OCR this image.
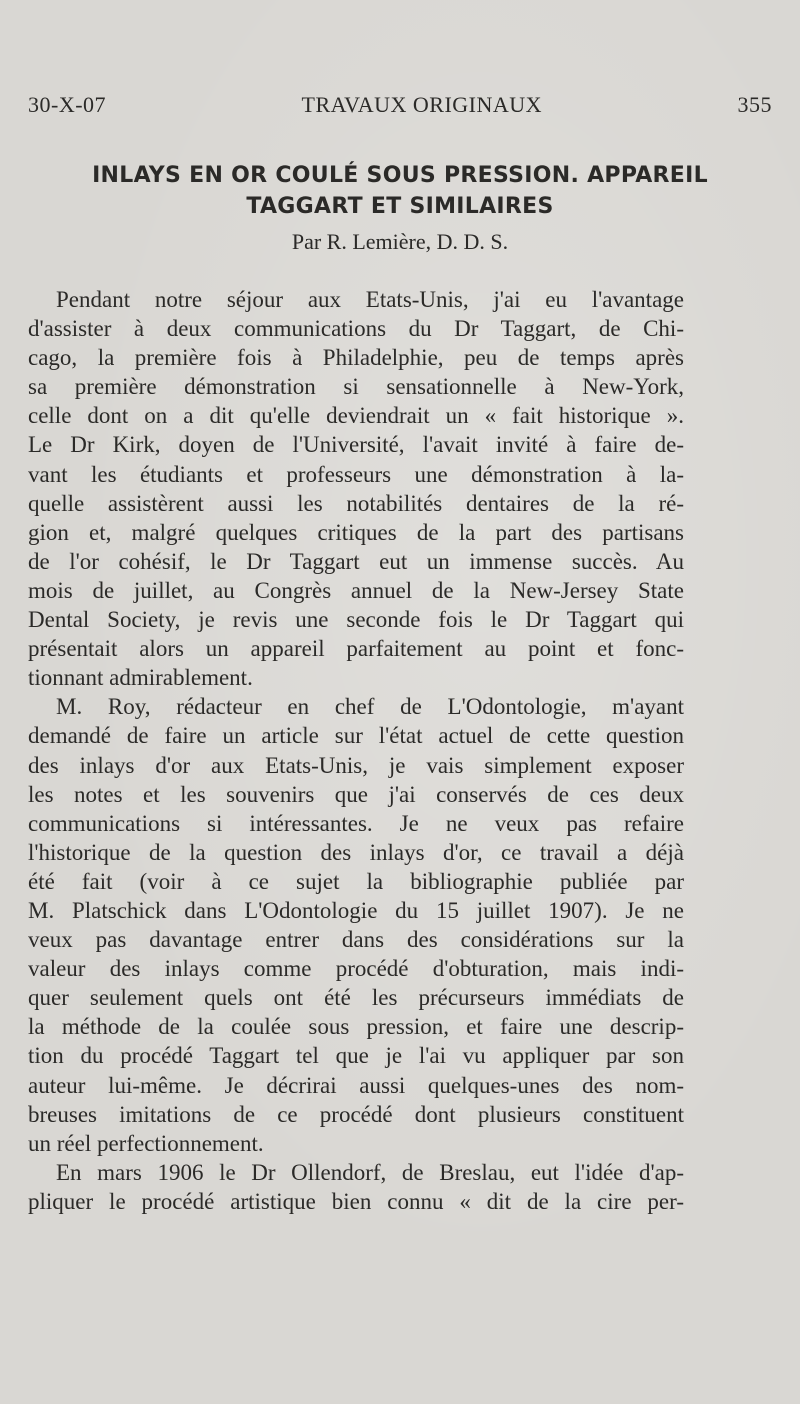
30-X-07	TRAVAUX ORIGINAUX	355
INLAYS EN OR COULÉ SOUS PRESSION. APPAREIL
TAGGART ET SIMILAIRES
Par R. Lemière, D. D. S.
Pendant notre séjour aux Etats-Unis, j'ai eu l'avantage
d'assister à deux communications du Dr Taggart, de Chi-
cago, la première fois à Philadelphie, peu de temps après
sa première démonstration si sensationnelle à New-York,
celle dont on a dit qu'elle deviendrait un « fait historique ».
Le Dr Kirk, doyen de l'Université, l'avait invité à faire de-
vant les étudiants et professeurs une démonstration à la-
quelle assistèrent aussi les notabilités dentaires de la ré-
gion et, malgré quelques critiques de la part des partisans
de l'or cohésif, le Dr Taggart eut un immense succès. Au
mois de juillet, au Congrès annuel de la New-Jersey State
Dental Society, je revis une seconde fois le Dr Taggart qui
présentait alors un appareil parfaitement au point et fonc-
tionnant admirablement.
M. Roy, rédacteur en chef de L'Odontologie, m'ayant
demandé de faire un article sur l'état actuel de cette question
des inlays d'or aux Etats-Unis, je vais simplement exposer
les notes et les souvenirs que j'ai conservés de ces deux
communications si intéressantes. Je ne veux pas refaire
l'historique de la question des inlays d'or, ce travail a déjà
été fait (voir à ce sujet la bibliographie publiée par
M. Platschick dans L'Odontologie du 15 juillet 1907). Je ne
veux pas davantage entrer dans des considérations sur la
valeur des inlays comme procédé d'obturation, mais indi-
quer seulement quels ont été les précurseurs immédiats de
la méthode de la coulée sous pression, et faire une descrip-
tion du procédé Taggart tel que je l'ai vu appliquer par son
auteur lui-même. Je décrirai aussi quelques-unes des nom-
breuses imitations de ce procédé dont plusieurs constituent
un réel perfectionnement.
En mars 1906 le Dr Ollendorf, de Breslau, eut l'idée d'ap-
pliquer le procédé artistique bien connu « dit de la cire per-
